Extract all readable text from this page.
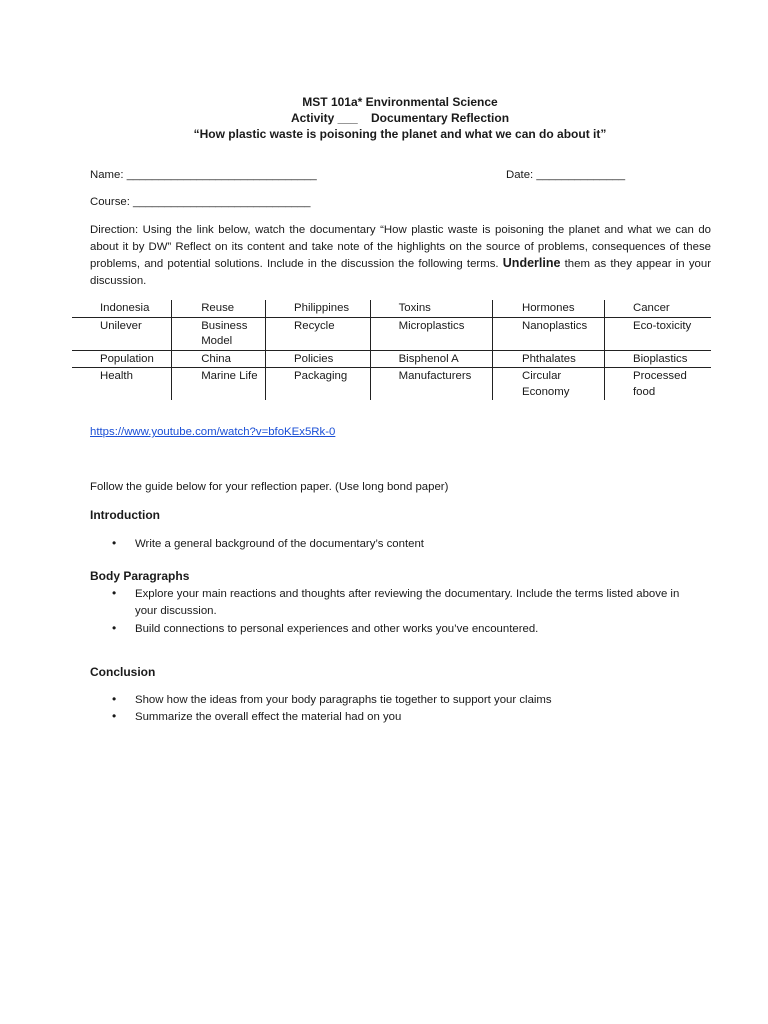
MST 101a* Environmental Science
Activity ___    Documentary Reflection
“How plastic waste is poisoning the planet and what we can do about it”
Name: ______________________________	Date: ______________
Course: ____________________________
Direction: Using the link below, watch the documentary “How plastic waste is poisoning the planet and what we can do about it by DW” Reflect on its content and take note of the highlights on the source of problems, consequences of these problems, and potential solutions. Include in the discussion the following terms. Underline them as they appear in your discussion.
Indonesia	Reuse	Philippines	Toxins	Hormones	Cancer
Unilever	Business Model	Recycle	Microplastics	Nanoplastics	Eco-toxicity
Population	China	Policies	Bisphenol A	Phthalates	Bioplastics
Health	Marine Life	Packaging	Manufacturers	Circular Economy	Processed food
https://www.youtube.com/watch?v=bfoKEx5Rk-0
Follow the guide below for your reflection paper. (Use long bond paper)
Introduction
•	Write a general background of the documentary’s content
Body Paragraphs
•	Explore your main reactions and thoughts after reviewing the documentary. Include the terms listed above in your discussion.
•	Build connections to personal experiences and other works you’ve encountered.
Conclusion
•	Show how the ideas from your body paragraphs tie together to support your claims
•	Summarize the overall effect the material had on you
